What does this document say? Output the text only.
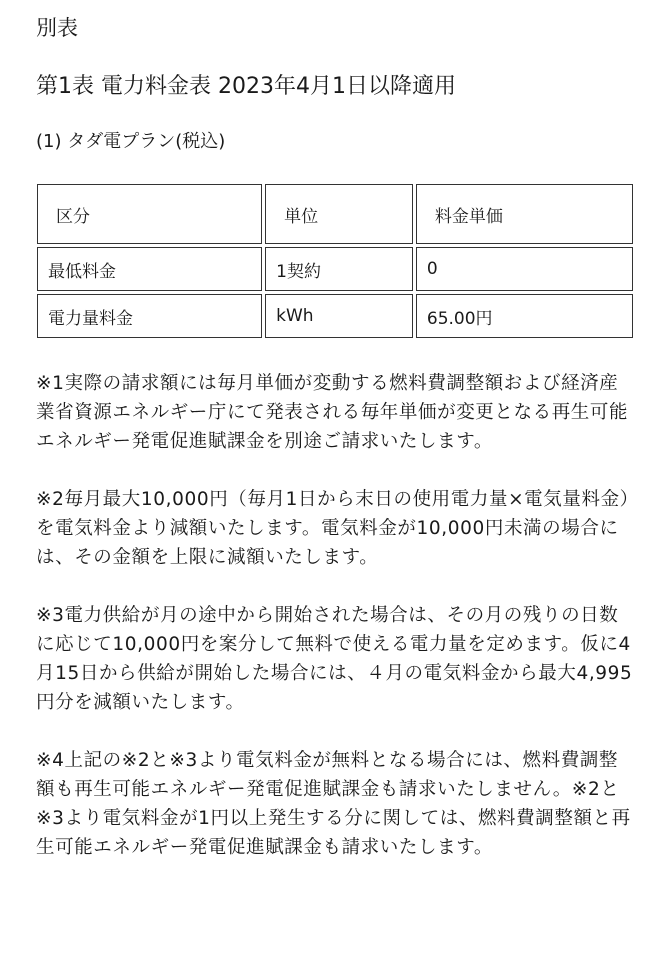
別表
第1表 電力料金表 2023年4月1日以降適用

(1) タダ電プラン(税込)

区分	単位	料金単価
最低料金	1契約	0
電力量料金	kWh	65.00円

※1実際の請求額には毎月単価が変動する燃料費調整額および経済産業省資源エネルギー庁にて発表される毎年単価が変更となる再生可能エネルギー発電促進賦課金を別途ご請求いたします。

※2毎月最大10,000円（毎月1日から末日の使用電力量×電気量料金）を電気料金より減額いたします。電気料金が10,000円未満の場合には、その金額を上限に減額いたします。

※3電力供給が月の途中から開始された場合は、その月の残りの日数に応じて10,000円を案分して無料で使える電力量を定めます。仮に4月15日から供給が開始した場合には、４月の電気料金から最大4,995円分を減額いたします。

※4上記の※2と※3より電気料金が無料となる場合には、燃料費調整額も再生可能エネルギー発電促進賦課金も請求いたしません。※2と※3より電気料金が1円以上発生する分に関しては、燃料費調整額と再生可能エネルギー発電促進賦課金も請求いたします。
